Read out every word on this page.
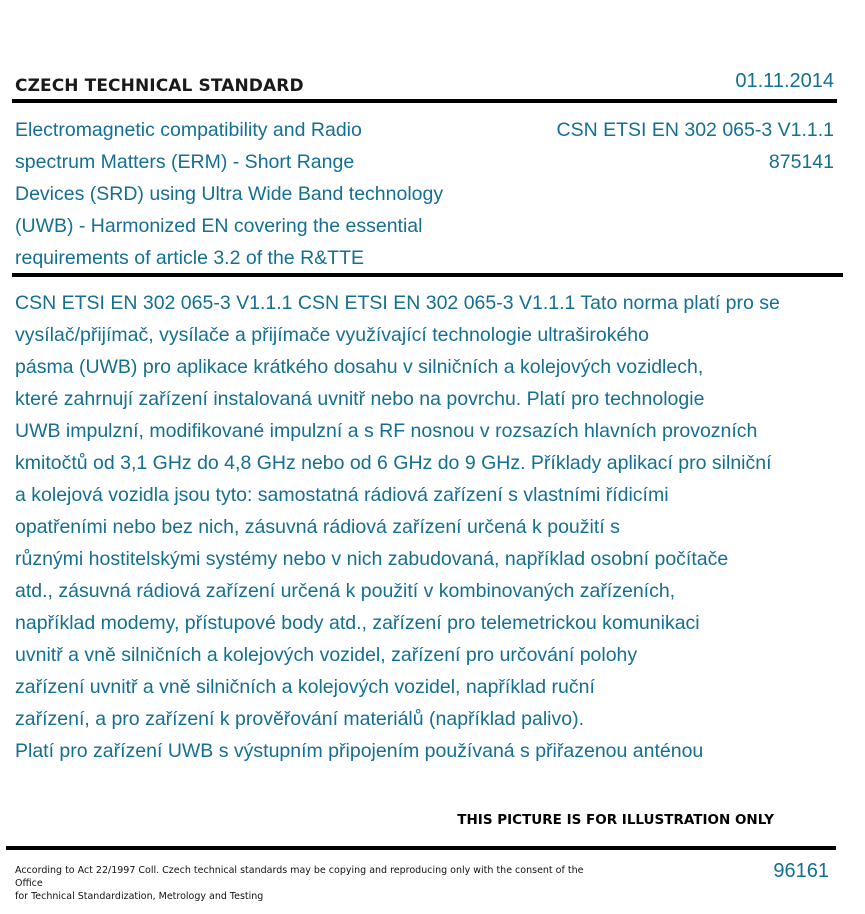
CZECH TECHNICAL STANDARD	01.11.2014
Electromagnetic compatibility and Radio
spectrum Matters (ERM) - Short Range
Devices (SRD) using Ultra Wide Band technology
(UWB) - Harmonized EN covering the essential
requirements of article 3.2 of the R&TTE
CSN ETSI EN 302 065-3 V1.1.1
875141
CSN ETSI EN 302 065-3 V1.1.1 CSN ETSI EN 302 065-3 V1.1.1 Tato norma platí pro se
vysílač/přijímač, vysílače a přijímače využívající technologie ultraširokého
pásma (UWB) pro aplikace krátkého dosahu v silničních a kolejových vozidlech,
které zahrnují zařízení instalovaná uvnitř nebo na povrchu. Platí pro technologie
UWB impulzní, modifikované impulzní a s RF nosnou v rozsazích hlavních provozních
kmitočtů od 3,1 GHz do 4,8 GHz nebo od 6 GHz do 9 GHz. Příklady aplikací pro silniční
a kolejová vozidla jsou tyto: samostatná rádiová zařízení s vlastními řídicími
opatřeními nebo bez nich, zásuvná rádiová zařízení určená k použití s
různými hostitelskými systémy nebo v nich zabudovaná, například osobní počítače
atd., zásuvná rádiová zařízení určená k použití v kombinovaných zařízeních,
například modemy, přístupové body atd., zařízení pro telemetrickou komunikaci
uvnitř a vně silničních a kolejových vozidel, zařízení pro určování polohy
zařízení uvnitř a vně silničních a kolejových vozidel, například ruční
zařízení, a pro zařízení k prověřování materiálů (například palivo).
Platí pro zařízení UWB s výstupním připojením používaná s přiřazenou anténou
THIS PICTURE IS FOR ILLUSTRATION ONLY
According to Act 22/1997 Coll. Czech technical standards may be copying and reproducing only with the consent of the Office
for Technical Standardization, Metrology and Testing
96161
